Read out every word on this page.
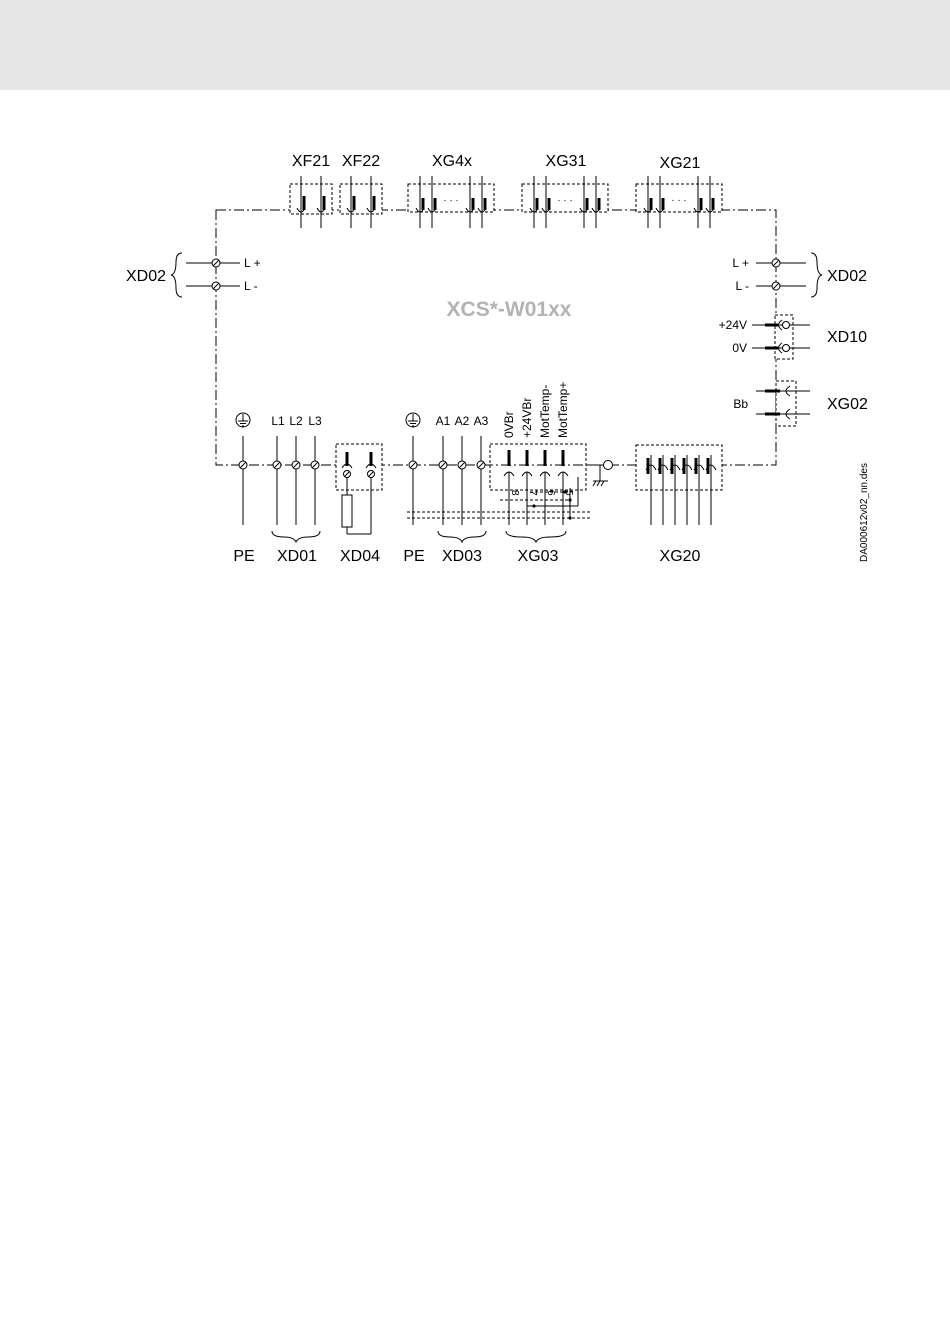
XCS*-W01xx
XF21 XF22
· · ·
XG4x
· · ·
XG31
· · ·
XG21
L +
L -
XD02
L +
L -
XD02
+24V
0V
XD10
Bb	XG02
PE
L1 L2 L3
XD01 XD04 PE
A1 A2 A3
XD03
0VBr +24VBr MotTemp- MotTemp+
8 7 6 5
XG03	XG20	DA000612v02_nn.des
